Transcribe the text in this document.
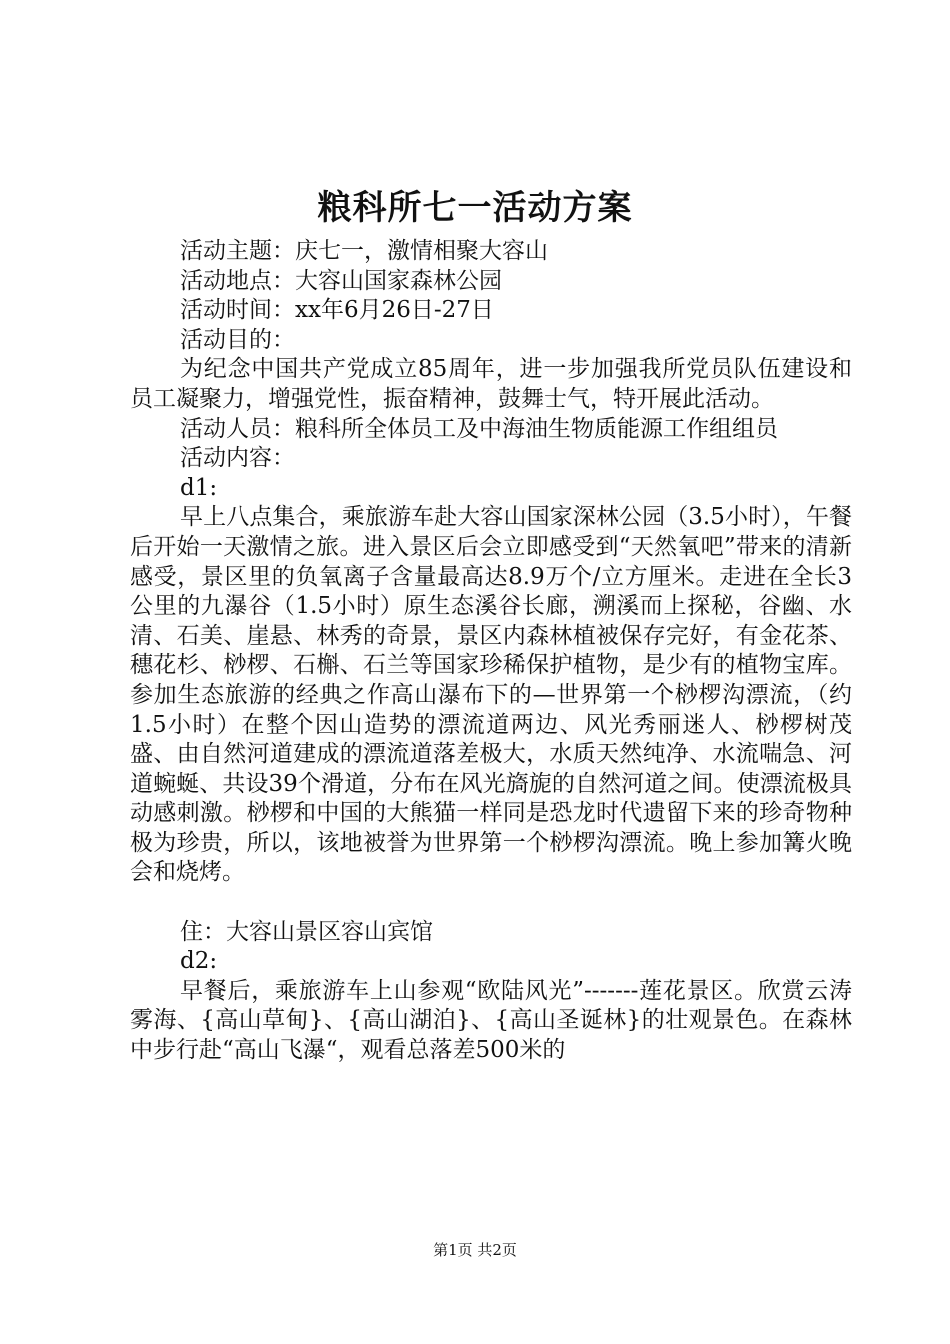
粮科所七一活动方案

活动主题：庆七一，激情相聚大容山

活动地点：大容山国家森林公园

活动时间：xx年6月26日-27日

活动目的：

为纪念中国共产党成立85周年，进一步加强我所党员队伍建设和员工凝聚力，增强党性，振奋精神，鼓舞士气，特开展此活动。

活动人员：粮科所全体员工及中海油生物质能源工作组组员

活动内容：

d1:

早上八点集合，乘旅游车赴大容山国家深林公园（3.5小时），午餐后开始一天激情之旅。进入景区后会立即感受到“天然氧吧”带来的清新感受，景区里的负氧离子含量最高达8.9万个/立方厘米。走进在全长3公里的九瀑谷（1.5小时）原生态溪谷长廊，溯溪而上探秘，谷幽、水清、石美、崖悬、林秀的奇景，景区内森林植被保存完好，有金花茶、穗花杉、桫椤、石槲、石兰等国家珍稀保护植物，是少有的植物宝库。参加生态旅游的经典之作高山瀑布下的—世界第一个桫椤沟漂流，（约1.5小时）在整个因山造势的漂流道两边、风光秀丽迷人、桫椤树茂盛、由自然河道建成的漂流道落差极大，水质天然纯净、水流喘急、河道蜿蜒、共设39个滑道，分布在风光旖旎的自然河道之间。使漂流极具动感刺激。桫椤和中国的大熊猫一样同是恐龙时代遗留下来的珍奇物种极为珍贵，所以，该地被誉为世界第一个桫椤沟漂流。晚上参加篝火晚会和烧烤。

住：大容山景区容山宾馆

d2:

早餐后，乘旅游车上山参观“欧陆风光”-------莲花景区。欣赏云涛雾海、{高山草甸}、{高山湖泊}、{高山圣诞林}的壮观景色。在森林中步行赴“高山飞瀑“，观看总落差500米的

第1页 共2页
